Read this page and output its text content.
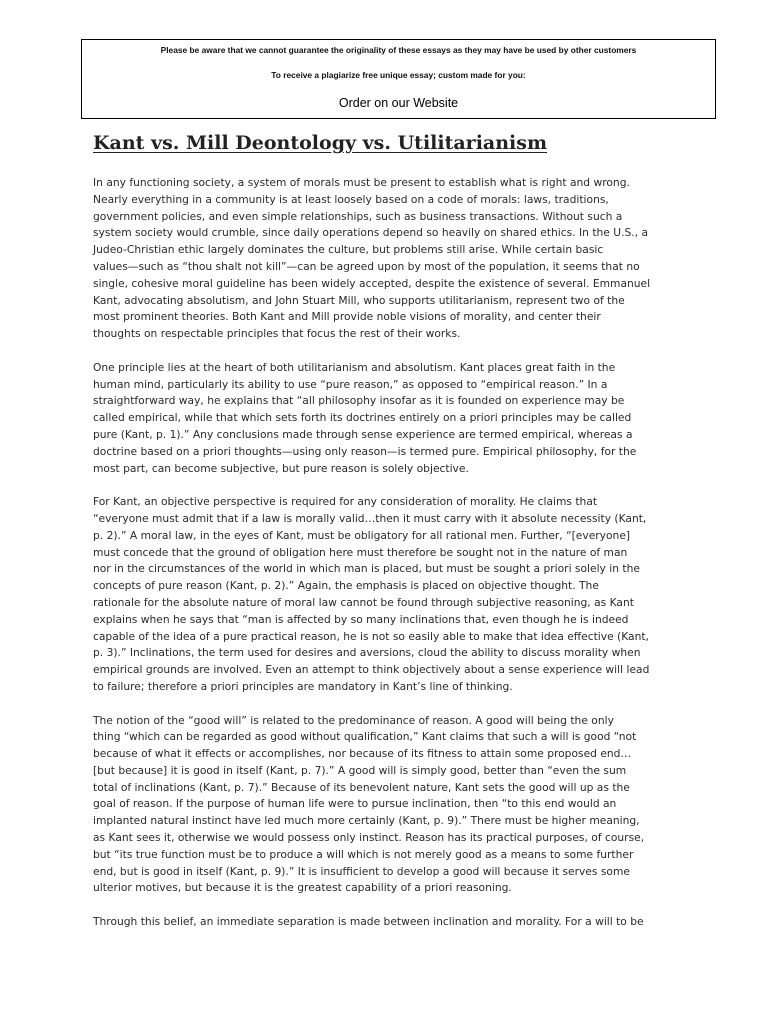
Please be aware that we cannot guarantee the originality of these essays as they may have be used by other customers
To receive a plagiarize free unique essay; custom made for you:
Order on our Website
Kant vs. Mill Deontology vs. Utilitarianism

In any functioning society, a system of morals must be present to establish what is right and wrong.
Nearly everything in a community is at least loosely based on a code of morals: laws, traditions,
government policies, and even simple relationships, such as business transactions. Without such a
system society would crumble, since daily operations depend so heavily on shared ethics. In the U.S., a
Judeo-Christian ethic largely dominates the culture, but problems still arise. While certain basic
values—such as “thou shalt not kill”—can be agreed upon by most of the population, it seems that no
single, cohesive moral guideline has been widely accepted, despite the existence of several. Emmanuel
Kant, advocating absolutism, and John Stuart Mill, who supports utilitarianism, represent two of the
most prominent theories. Both Kant and Mill provide noble visions of morality, and center their
thoughts on respectable principles that focus the rest of their works.

One principle lies at the heart of both utilitarianism and absolutism. Kant places great faith in the
human mind, particularly its ability to use “pure reason,” as opposed to “empirical reason.” In a
straightforward way, he explains that “all philosophy insofar as it is founded on experience may be
called empirical, while that which sets forth its doctrines entirely on a priori principles may be called
pure (Kant, p. 1).” Any conclusions made through sense experience are termed empirical, whereas a
doctrine based on a priori thoughts—using only reason—is termed pure. Empirical philosophy, for the
most part, can become subjective, but pure reason is solely objective.

For Kant, an objective perspective is required for any consideration of morality. He claims that
“everyone must admit that if a law is morally valid…then it must carry with it absolute necessity (Kant,
p. 2).” A moral law, in the eyes of Kant, must be obligatory for all rational men. Further, “[everyone]
must concede that the ground of obligation here must therefore be sought not in the nature of man
nor in the circumstances of the world in which man is placed, but must be sought a priori solely in the
concepts of pure reason (Kant, p. 2).” Again, the emphasis is placed on objective thought. The
rationale for the absolute nature of moral law cannot be found through subjective reasoning, as Kant
explains when he says that “man is affected by so many inclinations that, even though he is indeed
capable of the idea of a pure practical reason, he is not so easily able to make that idea effective (Kant,
p. 3).” Inclinations, the term used for desires and aversions, cloud the ability to discuss morality when
empirical grounds are involved. Even an attempt to think objectively about a sense experience will lead
to failure; therefore a priori principles are mandatory in Kant’s line of thinking.

The notion of the “good will” is related to the predominance of reason. A good will being the only
thing “which can be regarded as good without qualification,” Kant claims that such a will is good “not
because of what it effects or accomplishes, nor because of its fitness to attain some proposed end…
[but because] it is good in itself (Kant, p. 7).” A good will is simply good, better than “even the sum
total of inclinations (Kant, p. 7).” Because of its benevolent nature, Kant sets the good will up as the
goal of reason. If the purpose of human life were to pursue inclination, then “to this end would an
implanted natural instinct have led much more certainly (Kant, p. 9).” There must be higher meaning,
as Kant sees it, otherwise we would possess only instinct. Reason has its practical purposes, of course,
but “its true function must be to produce a will which is not merely good as a means to some further
end, but is good in itself (Kant, p. 9).” It is insufficient to develop a good will because it serves some
ulterior motives, but because it is the greatest capability of a priori reasoning.

Through this belief, an immediate separation is made between inclination and morality. For a will to be
